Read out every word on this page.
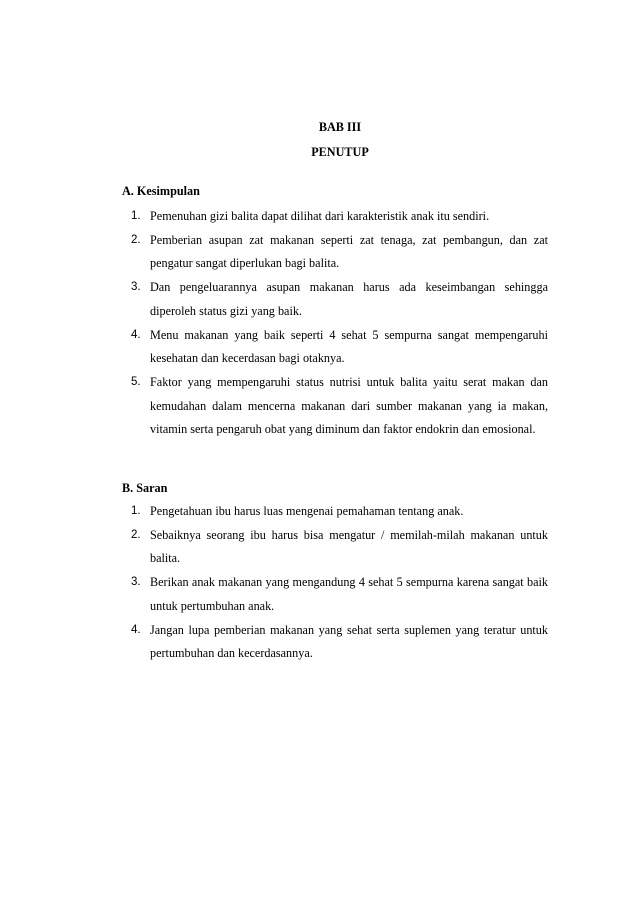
BAB III
PENUTUP
A. Kesimpulan
1. Pemenuhan gizi balita dapat dilihat dari karakteristik anak itu sendiri.
2. Pemberian asupan zat makanan seperti zat tenaga, zat pembangun, dan zat pengatur sangat diperlukan bagi balita.
3. Dan pengeluarannya asupan makanan harus ada keseimbangan sehingga diperoleh status gizi yang baik.
4. Menu makanan yang baik seperti 4 sehat 5 sempurna sangat mempengaruhi kesehatan dan kecerdasan bagi otaknya.
5. Faktor yang mempengaruhi status nutrisi untuk balita yaitu serat makan dan kemudahan dalam mencerna makanan dari sumber makanan yang ia makan, vitamin serta pengaruh obat yang diminum dan faktor endokrin dan emosional.
B. Saran
1. Pengetahuan ibu harus luas mengenai pemahaman tentang anak.
2. Sebaiknya seorang ibu harus bisa mengatur / memilah-milah makanan untuk balita.
3. Berikan anak makanan yang mengandung 4 sehat 5 sempurna karena sangat baik untuk pertumbuhan anak.
4. Jangan lupa pemberian makanan yang sehat serta suplemen yang teratur untuk pertumbuhan dan kecerdasannya.
